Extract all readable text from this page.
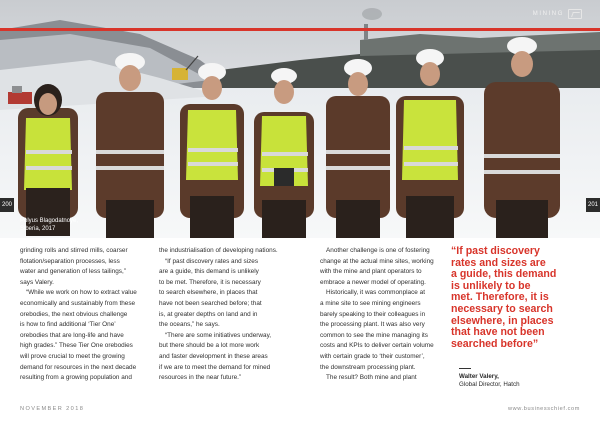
MINING
200	201
Polyus Blagodatnoye,
Siberia, 2017

grinding rolls and stirred mills, coarser

flotation/separation processes, less

water and generation of less tailings,”

says Valery.

“While we work on how to extract value

economically and sustainably from these

orebodies, the next obvious challenge

is how to find additional ‘Tier One’

orebodies that are long-life and have

high grades.” These Tier One orebodies

will prove crucial to meet the growing

demand for resources in the next decade

resulting from a growing population and

the industrialisation of developing nations.

“If past discovery rates and sizes

are a guide, this demand is unlikely

to be met. Therefore, it is necessary

to search elsewhere, in places that

have not been searched before; that

is, at greater depths on land and in

the oceans,” he says.

“There are some initiatives underway,

but there should be a lot more work

and faster development in these areas

if we are to meet the demand for mined

resources in the near future.”

Another challenge is one of fostering

change at the actual mine sites, working

with the mine and plant operators to

embrace a newer model of operating.

Historically, it was commonplace at

a mine site to see mining engineers

barely speaking to their colleagues in

the processing plant. It was also very

common to see the mine managing its

costs and KPIs to deliver certain volume

with certain grade to ‘their customer’,

the downstream processing plant.

The result? Both mine and plant

“If past discovery
rates and sizes are
a guide, this demand
is unlikely to be
met. Therefore, it is
necessary to search
elsewhere, in places
that have not been
searched before”
Walter Valery,
Global Director, Hatch
NOVEMBER 2018	www.businesschief.com
